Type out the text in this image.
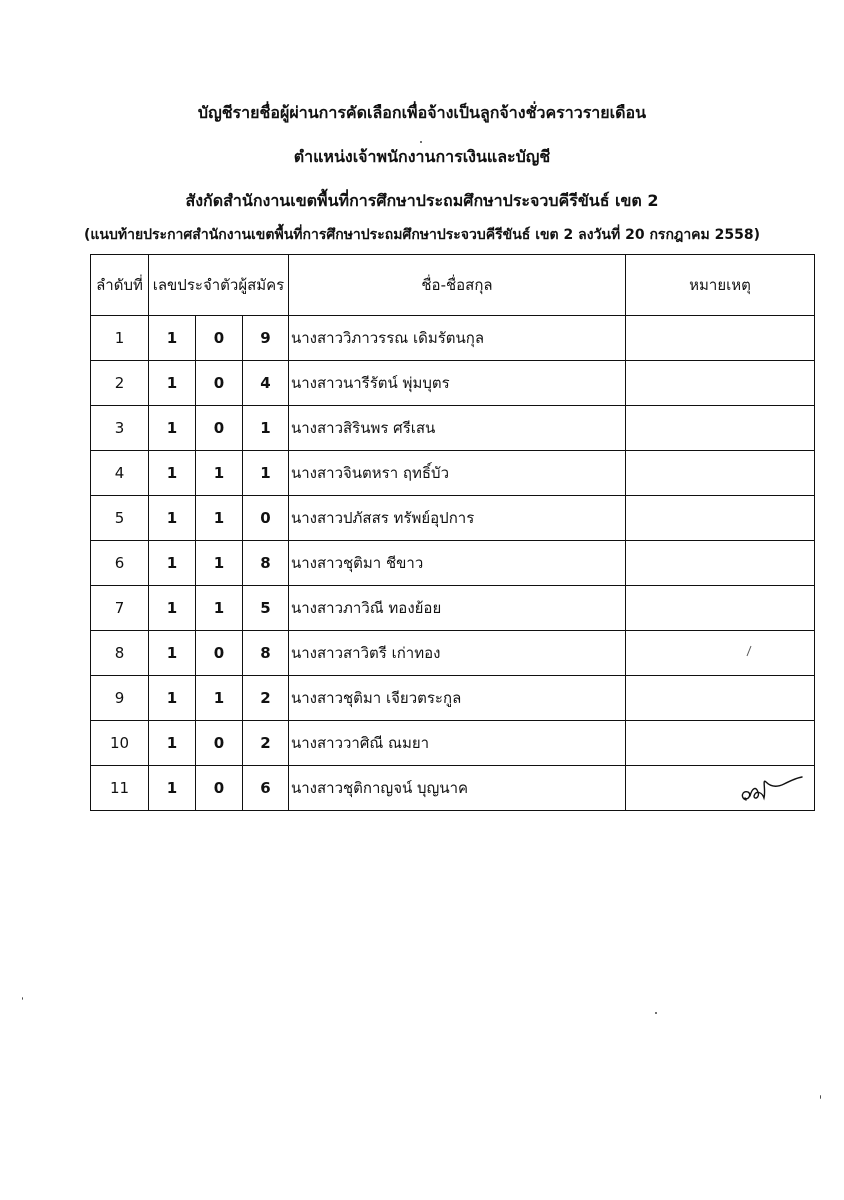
บัญชีรายชื่อผู้ผ่านการคัดเลือกเพื่อจ้างเป็นลูกจ้างชั่วคราวรายเดือน
ตำแหน่งเจ้าพนักงานการเงินและบัญชี
สังกัดสำนักงานเขตพื้นที่การศึกษาประถมศึกษาประจวบคีรีขันธ์ เขต 2
(แนบท้ายประกาศสำนักงานเขตพื้นที่การศึกษาประถมศึกษาประจวบคีรีขันธ์ เขต 2 ลงวันที่ 20 กรกฎาคม 2558)
ลำดับที่	เลขประจำตัวผู้สมัคร			ชื่อ-ชื่อสกุล	หมายเหตุ
1	1	0	9	นางสาววิภาวรรณ เดิมรัตนกุล	
2	1	0	4	นางสาวนารีรัตน์ พุ่มบุตร	
3	1	0	1	นางสาวสิรินพร ศรีเสน	
4	1	1	1	นางสาวจินตหรา ฤทธิ์บัว	
5	1	1	0	นางสาวปภัสสร ทรัพย์อุปการ	
6	1	1	8	นางสาวชุติมา ชีขาว	
7	1	1	5	นางสาวภาวิณี ทองย้อย	
8	1	0	8	นางสาวสาวิตรี เก่าทอง	

9	1	1	2	นางสาวชุติมา เจียวตระกูล	
10	1	0	2	นางสาววาศิณี ณมยา	
11	1	0	6	นางสาวชุติกาญจน์ บุญนาค	
